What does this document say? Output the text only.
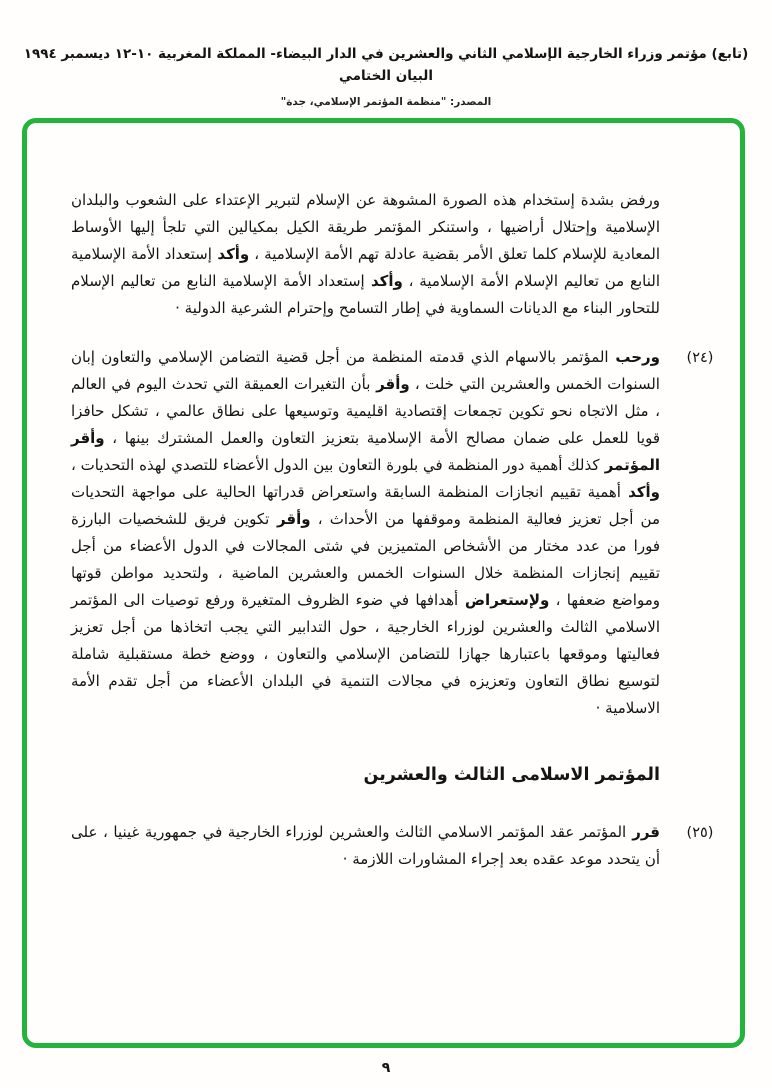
(تابع) مؤتمر وزراء الخارجية الإسلامي الثاني والعشرين في الدار البيضاء- المملكة المغربية ١٠-١٢ ديسمبر ١٩٩٤ البيان الختامي
المصدر: "منظمة المؤتمر الإسلامي، جدة"

ورفض بشدة إستخدام هذه الصورة المشوهة عن الإسلام لتبرير الإعتداء على الشعوب والبلدان الإسلامية وإحتلال أراضيها ، واستنكر المؤتمر طريقة الكيل بمكيالين التي تلجأ إليها الأوساط المعادية للإسلام كلما تعلق الأمر بقضية عادلة تهم الأمة الإسلامية ، وأكد إستعداد الأمة الإسلامية النابع من تعاليم الإسلام الأمة الإسلامية ، وأكد إستعداد الأمة الإسلامية النابع من تعاليم الإسلام للتحاور البناء مع الديانات السماوية في إطار التسامح وإحترام الشرعية الدولية ·

(٢٤)

ورحب المؤتمر بالاسهام الذي قدمته المنظمة من أجل قضية التضامن الإسلامي والتعاون إبان السنوات الخمس والعشرين التي خلت ، وأقر بأن التغيرات العميقة التي تحدث اليوم في العالم ، مثل الاتجاه نحو تكوين تجمعات إقتصادية اقليمية وتوسيعها على نطاق عالمي ، تشكل حافزا قويا للعمل على ضمان مصالح الأمة الإسلامية بتعزيز التعاون والعمل المشترك بينها ، وأقر المؤتمر كذلك أهمية دور المنظمة في بلورة التعاون بين الدول الأعضاء للتصدي لهذه التحديات ، وأكد أهمية تقييم انجازات المنظمة السابقة واستعراض قدراتها الحالية على مواجهة التحديات من أجل تعزيز فعالية المنظمة وموقفها من الأحداث ، وأقر تكوين فريق للشخصيات البارزة فورا من عدد مختار من الأشخاص المتميزين في شتى المجالات في الدول الأعضاء من أجل تقييم إنجازات المنظمة خلال السنوات الخمس والعشرين الماضية ، ولتحديد مواطن قوتها ومواضع ضعفها ، ولإستعراض أهدافها في ضوء الظروف المتغيرة ورفع توصيات الى المؤتمر الاسلامي الثالث والعشرين لوزراء الخارجية ، حول التدابير التي يجب اتخاذها من أجل تعزيز فعاليتها وموقعها باعتبارها جهازا للتضامن الإسلامي والتعاون ، ووضع خطة مستقبلية شاملة لتوسيع نطاق التعاون وتعزيزه في مجالات التنمية في البلدان الأعضاء من أجل تقدم الأمة الاسلامية ·

المؤتمر الاسلامى الثالث والعشرين
(٢٥)

قرر المؤتمر عقد المؤتمر الاسلامي الثالث والعشرين لوزراء الخارجية في جمهورية غينيا ، على أن يتحدد موعد عقده بعد إجراء المشاورات اللازمة ·

٩
